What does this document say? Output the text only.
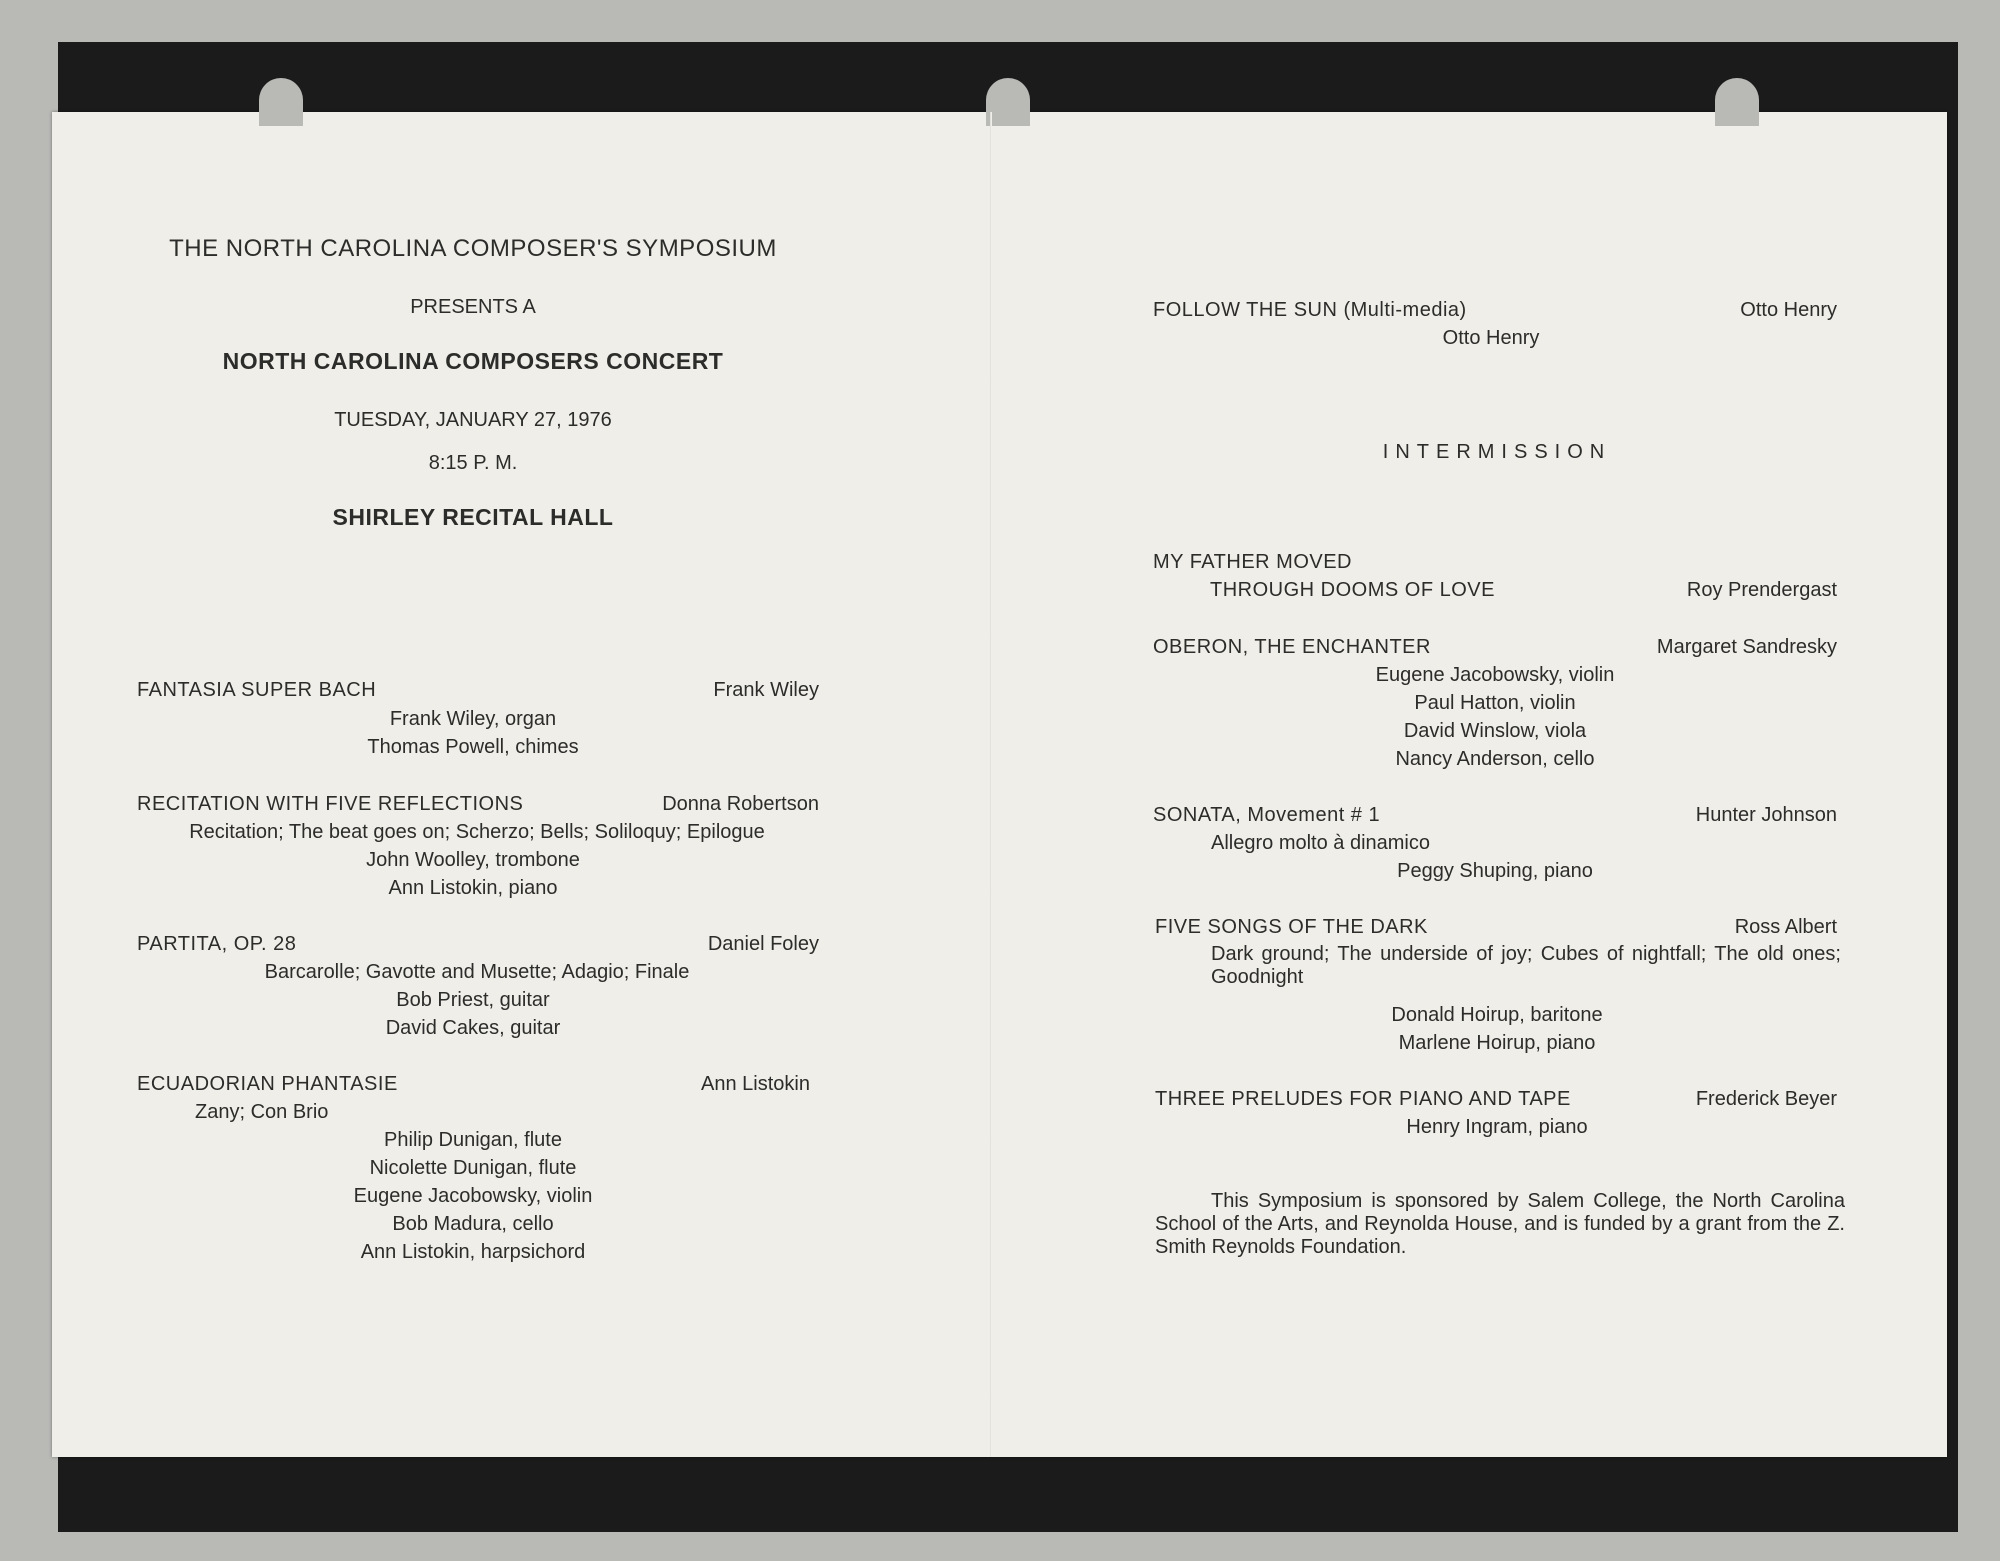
THE NORTH CAROLINA COMPOSER'S SYMPOSIUM
PRESENTS A
NORTH CAROLINA COMPOSERS CONCERT
TUESDAY, JANUARY 27, 1976
8:15 P. M.
SHIRLEY RECITAL HALL
FANTASIA SUPER BACH	Frank Wiley
Frank Wiley, organ
Thomas Powell, chimes
RECITATION WITH FIVE REFLECTIONS	Donna Robertson
Recitation; The beat goes on; Scherzo; Bells; Soliloquy; Epilogue
John Woolley, trombone
Ann Listokin, piano
PARTITA, OP. 28	Daniel Foley
Barcarolle; Gavotte and Musette; Adagio; Finale
Bob Priest, guitar
David Cakes, guitar
ECUADORIAN PHANTASIE	Ann Listokin
Zany; Con Brio
Philip Dunigan, flute
Nicolette Dunigan, flute
Eugene Jacobowsky, violin
Bob Madura, cello
Ann Listokin, harpsichord
FOLLOW THE SUN (Multi-media)	Otto Henry
Otto Henry
INTERMISSION
MY FATHER MOVED
THROUGH DOOMS OF LOVE	Roy Prendergast
OBERON, THE ENCHANTER	Margaret Sandresky
Eugene Jacobowsky, violin
Paul Hatton, violin
David Winslow, viola
Nancy Anderson, cello
SONATA, Movement # 1	Hunter Johnson
Allegro molto à dinamico
Peggy Shuping, piano
FIVE SONGS OF THE DARK	Ross Albert
Dark ground; The underside of joy; Cubes of nightfall; The old ones; Goodnight
Donald Hoirup, baritone
Marlene Hoirup, piano
THREE PRELUDES FOR PIANO AND TAPE	Frederick Beyer
Henry Ingram, piano
This Symposium is sponsored by Salem College, the North Carolina School of the Arts, and Reynolda House, and is funded by a grant from the Z. Smith Reynolds Foundation.
